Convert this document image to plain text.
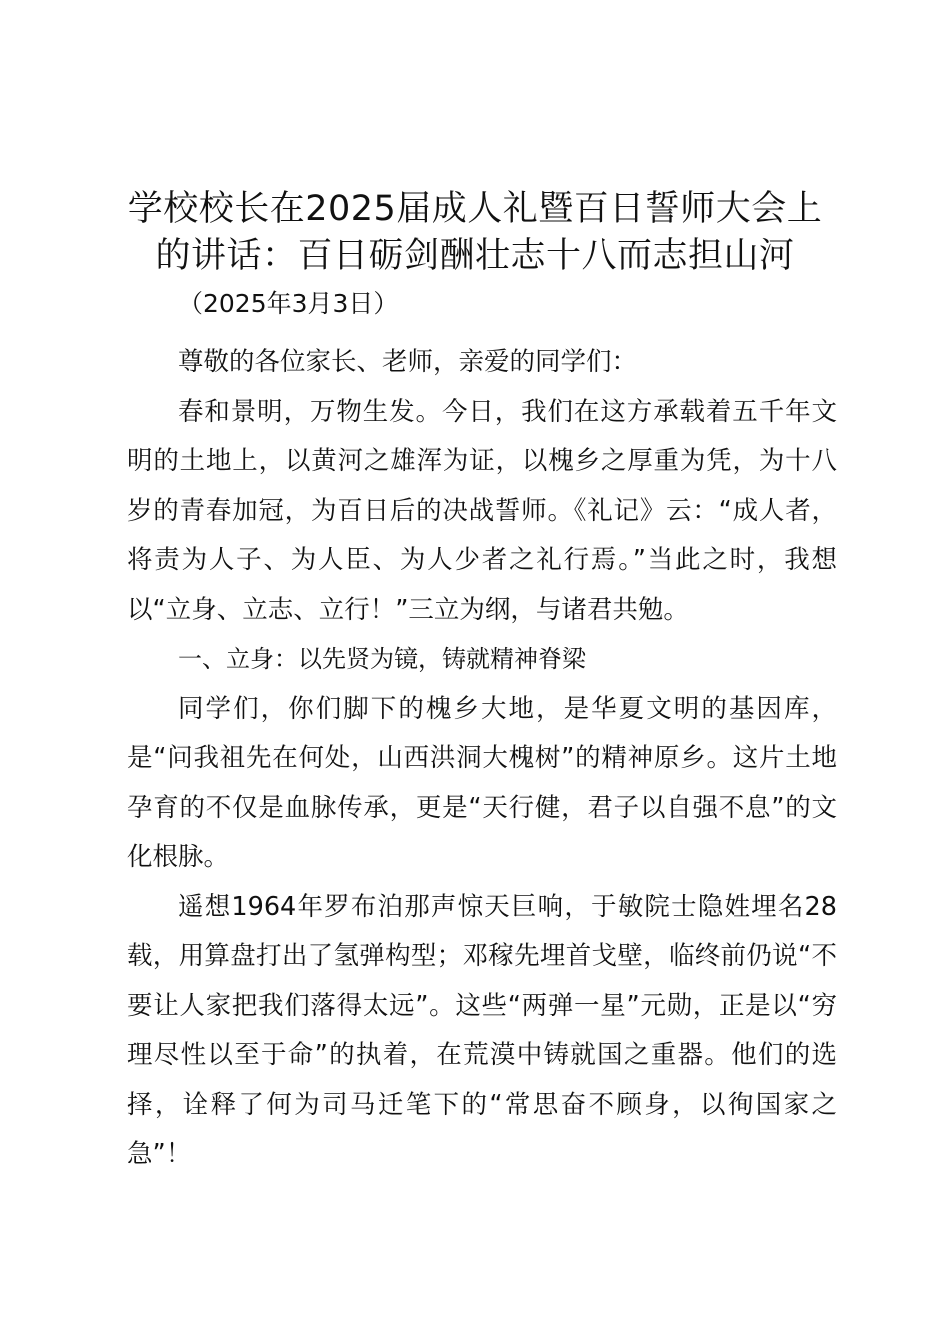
学校校长在2025届成人礼暨百日誓师大会上
的讲话：百日砺剑酬壮志十八而志担山河

（2025年3月3日）

尊敬的各位家长、老师，亲爱的同学们：

春和景明，万物生发。今日，我们在这方承载着五千年文明的土地上，以黄河之雄浑为证，以槐乡之厚重为凭，为十八岁的青春加冠，为百日后的决战誓师。《礼记》云：“成人者，将责为人子、为人臣、为人少者之礼行焉。”当此之时，我想以“立身、立志、立行！”三立为纲，与诸君共勉。

一、立身：以先贤为镜，铸就精神脊梁

同学们，你们脚下的槐乡大地，是华夏文明的基因库，是“问我祖先在何处，山西洪洞大槐树”的精神原乡。这片土地孕育的不仅是血脉传承，更是“天行健，君子以自强不息”的文化根脉。

遥想1964年罗布泊那声惊天巨响，于敏院士隐姓埋名28载，用算盘打出了氢弹构型；邓稼先埋首戈壁，临终前仍说“不要让人家把我们落得太远”。这些“两弹一星”元勋，正是以“穷理尽性以至于命”的执着，在荒漠中铸就国之重器。他们的选择，诠释了何为司马迁笔下的“常思奋不顾身，以徇国家之急”！
